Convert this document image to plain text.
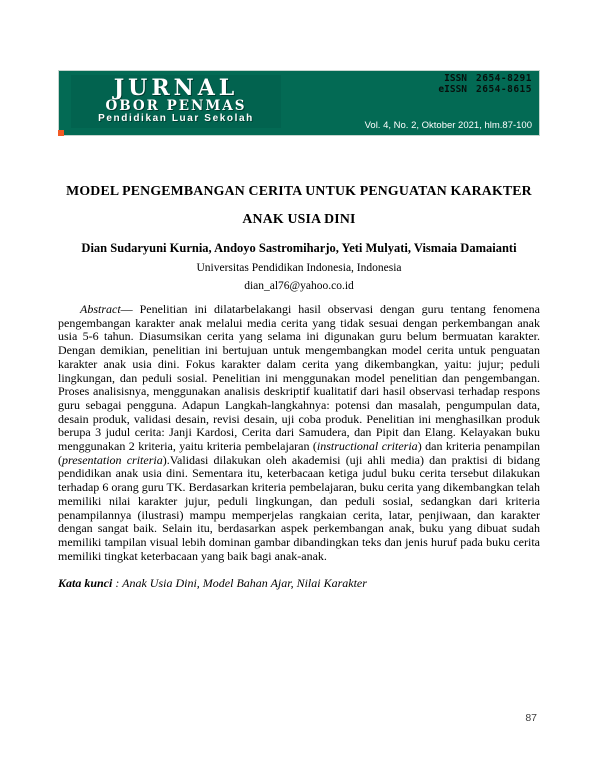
JURNAL
OBOR PENMAS
Pendidikan Luar Sekolah
ISSN 2654-8291
eISSN 2654-8615
Vol. 4, No. 2, Oktober 2021, hlm.87-100
MODEL PENGEMBANGAN CERITA UNTUK PENGUATAN KARAKTER ANAK USIA DINI
Dian Sudaryuni Kurnia, Andoyo Sastromiharjo, Yeti Mulyati, Vismaia Damaianti
Universitas Pendidikan Indonesia, Indonesia
dian_al76@yahoo.co.id

Abstract— Penelitian ini dilatarbelakangi hasil observasi dengan guru tentang fenomena pengembangan karakter anak melalui media cerita yang tidak sesuai dengan perkembangan anak usia 5-6 tahun. Diasumsikan cerita yang selama ini digunakan guru belum bermuatan karakter. Dengan demikian, penelitian ini bertujuan untuk mengembangkan model cerita untuk penguatan karakter anak usia dini. Fokus karakter dalam cerita yang dikembangkan, yaitu: jujur; peduli lingkungan, dan peduli sosial. Penelitian ini menggunakan model penelitian dan pengembangan. Proses analisisnya, menggunakan analisis deskriptif kualitatif dari hasil observasi terhadap respons guru sebagai pengguna. Adapun Langkah-langkahnya: potensi dan masalah, pengumpulan data, desain produk, validasi desain, revisi desain, uji coba produk. Penelitian ini menghasilkan produk berupa 3 judul cerita: Janji Kardosi, Cerita dari Samudera, dan Pipit dan Elang. Kelayakan buku menggunakan 2 kriteria, yaitu kriteria pembelajaran (instructional criteria) dan kriteria penampilan (presentation criteria).Validasi dilakukan oleh akademisi (uji ahli media) dan praktisi di bidang pendidikan anak usia dini. Sementara itu, keterbacaan ketiga judul buku cerita tersebut dilakukan terhadap 6 orang guru TK. Berdasarkan kriteria pembelajaran, buku cerita yang dikembangkan telah memiliki nilai karakter jujur, peduli lingkungan, dan peduli sosial, sedangkan dari kriteria penampilannya (ilustrasi) mampu memperjelas rangkaian cerita, latar, penjiwaan, dan karakter dengan sangat baik. Selain itu, berdasarkan aspek perkembangan anak, buku yang dibuat sudah memiliki tampilan visual lebih dominan gambar dibandingkan teks dan jenis huruf pada buku cerita memiliki tingkat keterbacaan yang baik bagi anak-anak.

Kata kunci : Anak Usia Dini, Model Bahan Ajar, Nilai Karakter
87
